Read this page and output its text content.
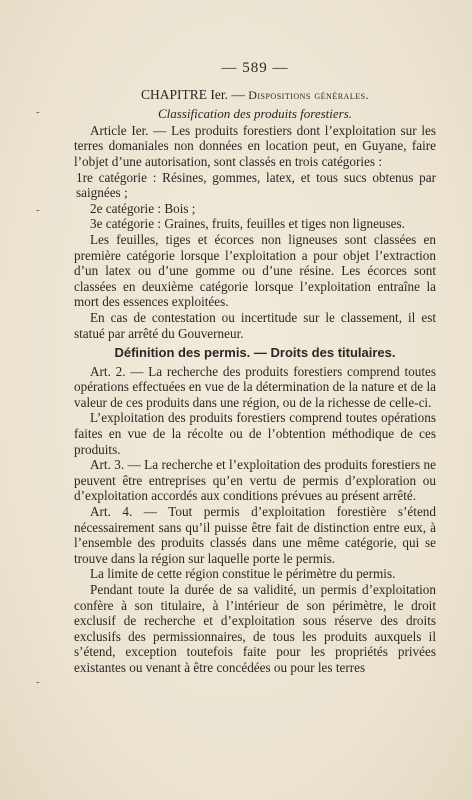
-
-
-
— 589 —
CHAPITRE Ier. — Dispositions générales.
Classification des produits forestiers.

Article Ier. — Les produits forestiers dont l’exploitation sur les terres domaniales non données en location peut, en Guyane, faire l’objet d’une autorisation, sont classés en trois catégories :

1re catégorie : Résines, gommes, latex, et tous sucs obtenus par saignées ;

2e catégorie : Bois ;

3e catégorie : Graines, fruits, feuilles et tiges non ligneuses.

Les feuilles, tiges et écorces non ligneuses sont classées en première catégorie lorsque l’exploitation a pour objet l’extraction d’un latex ou d’une gomme ou d’une résine. Les écorces sont classées en deuxième catégorie lorsque l’exploitation entraîne la mort des essences exploitées.

En cas de contestation ou incertitude sur le classement, il est statué par arrêté du Gouverneur.

Définition des permis. — Droits des titulaires.

Art. 2. — La recherche des produits forestiers comprend toutes opérations effectuées en vue de la détermination de la nature et de la valeur de ces produits dans une région, ou de la richesse de celle-ci.

L’exploitation des produits forestiers comprend toutes opérations faites en vue de la récolte ou de l’obtention méthodique de ces produits.

Art. 3. — La recherche et l’exploitation des produits forestiers ne peuvent être entreprises qu’en vertu de permis d’exploration ou d’exploitation accordés aux conditions prévues au présent arrêté.

Art. 4. — Tout permis d’exploitation forestière s’étend nécessairement sans qu’il puisse être fait de distinction entre eux, à l’ensemble des produits classés dans une même catégorie, qui se trouve dans la région sur laquelle porte le permis.

La limite de cette région constitue le périmètre du permis.

Pendant toute la durée de sa validité, un permis d’exploitation confère à son titulaire, à l’intérieur de son périmètre, le droit exclusif de recherche et d’exploitation sous réserve des droits exclusifs des permissionnaires, de tous les produits auxquels il s’étend, exception toutefois faite pour les propriétés privées existantes ou venant à être concédées ou pour les terres
